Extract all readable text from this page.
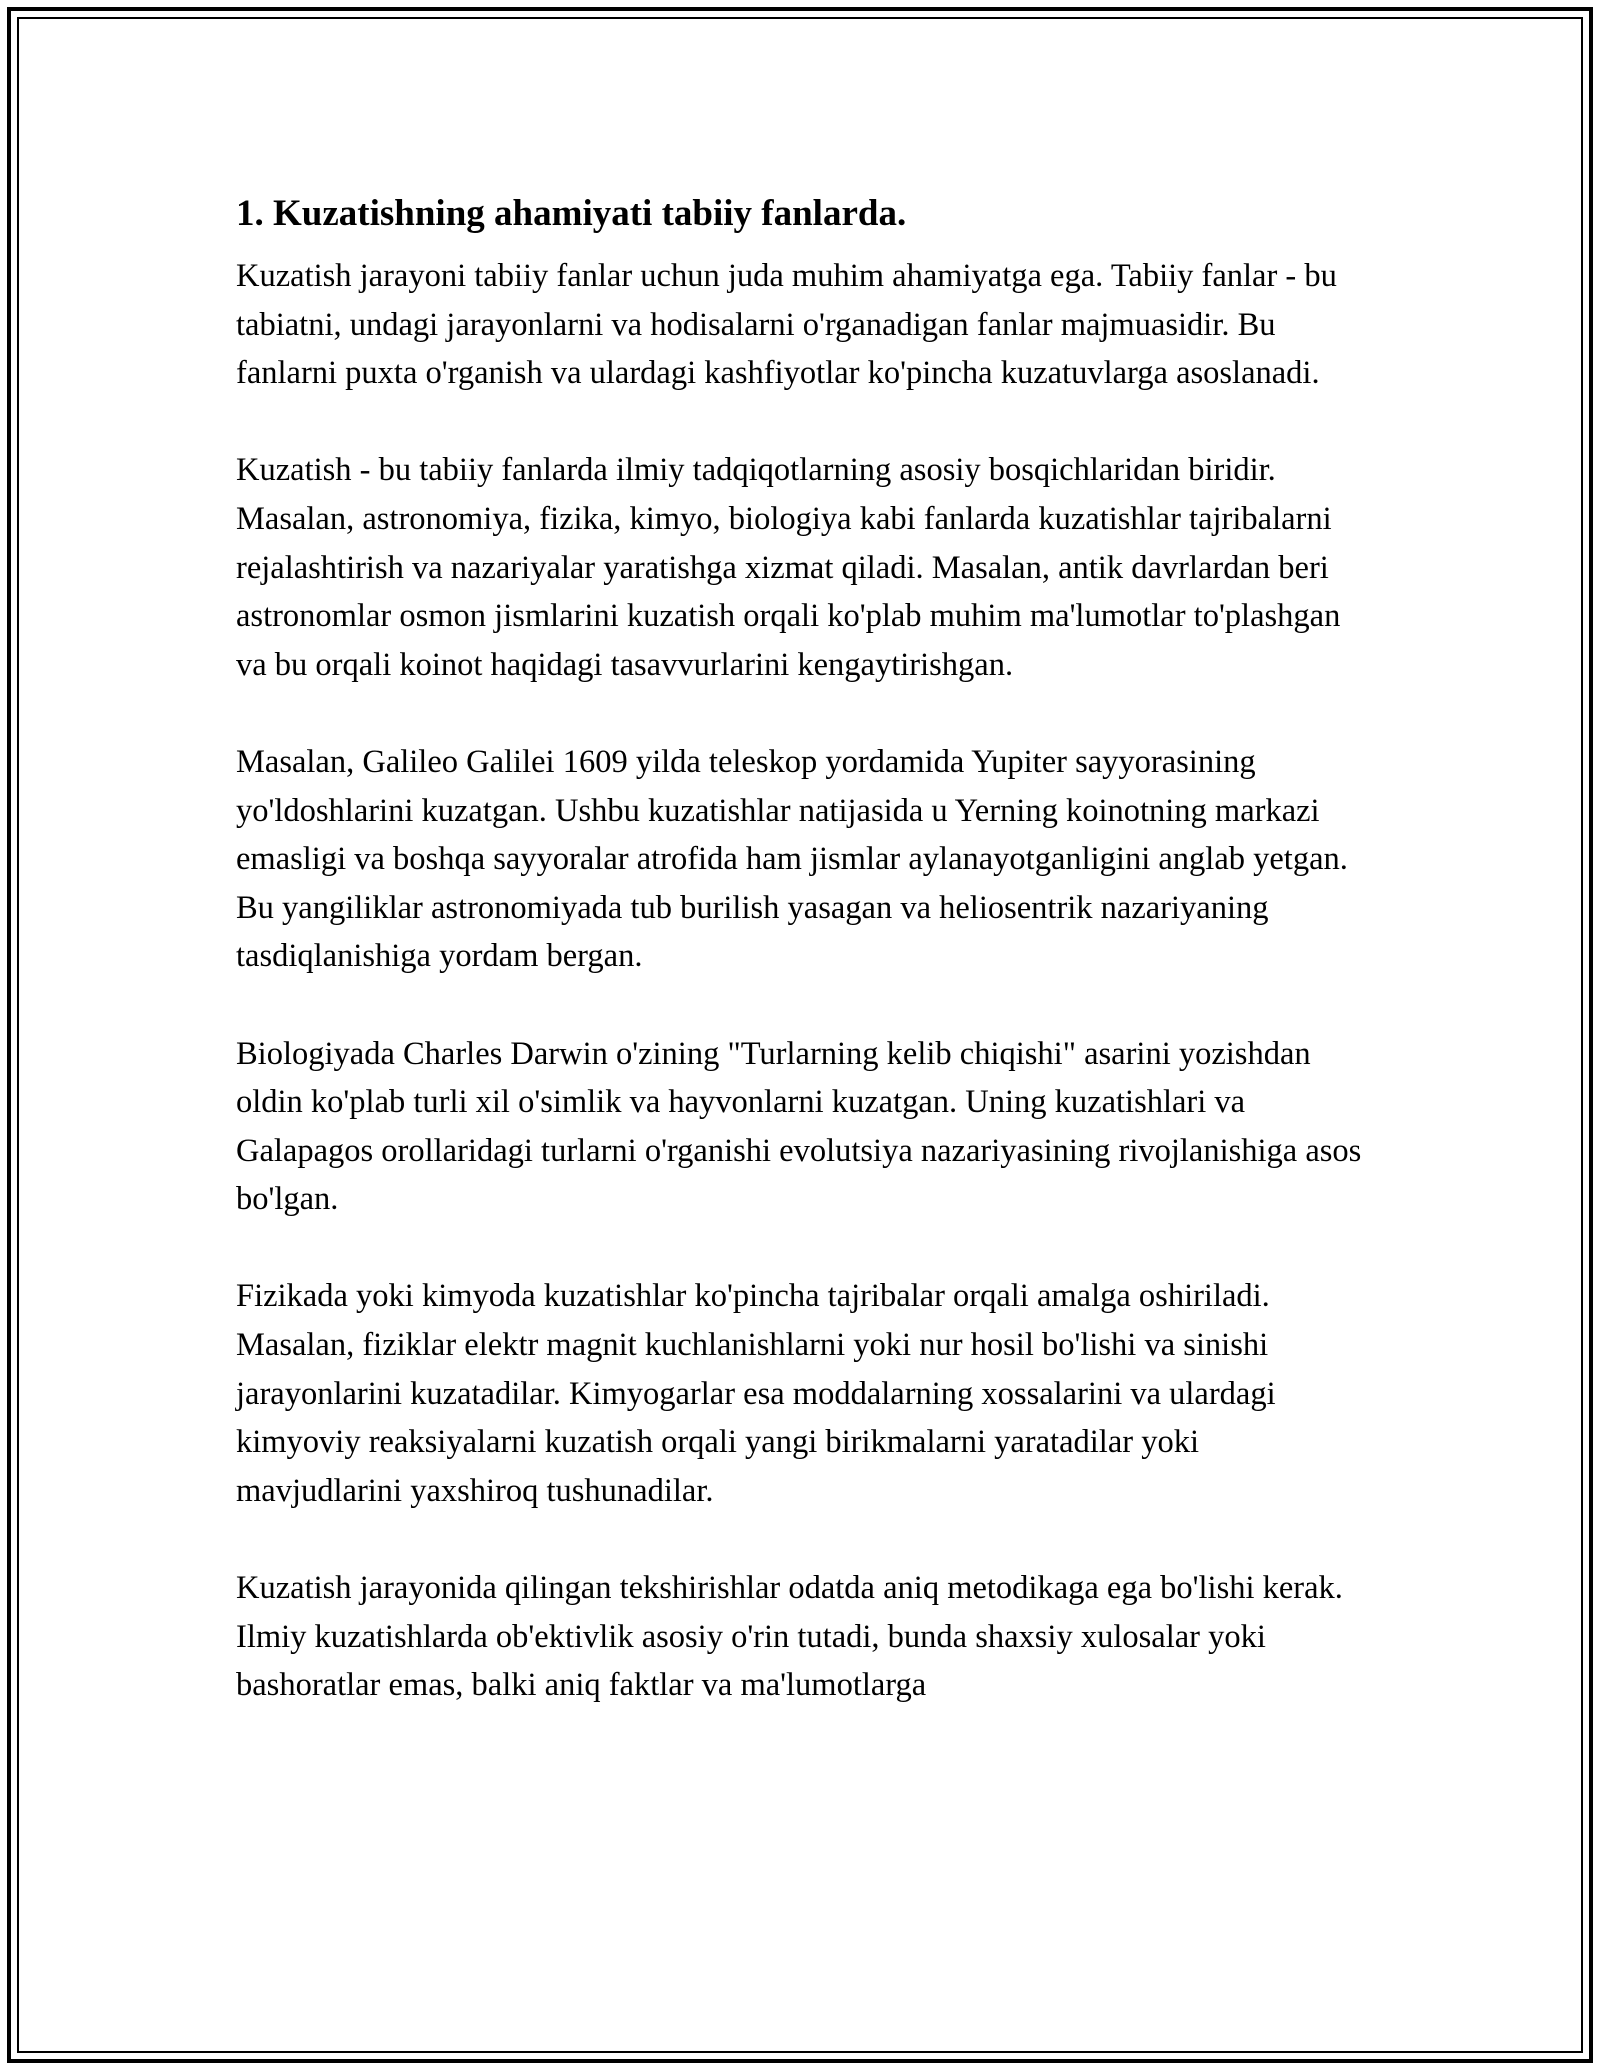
1. Kuzatishning ahamiyati tabiiy fanlarda.

Kuzatish jarayoni tabiiy fanlar uchun juda muhim ahamiyatga ega. Tabiiy fanlar - bu tabiatni, undagi jarayonlarni va hodisalarni o'rganadigan fanlar majmuasidir. Bu fanlarni puxta o'rganish va ulardagi kashfiyotlar ko'pincha kuzatuvlarga asoslanadi.

Kuzatish - bu tabiiy fanlarda ilmiy tadqiqotlarning asosiy bosqichlaridan biridir. Masalan, astronomiya, fizika, kimyo, biologiya kabi fanlarda kuzatishlar tajribalarni rejalashtirish va nazariyalar yaratishga xizmat qiladi. Masalan, antik davrlardan beri astronomlar osmon jismlarini kuzatish orqali ko'plab muhim ma'lumotlar to'plashgan va bu orqali koinot haqidagi tasavvurlarini kengaytirishgan.

Masalan, Galileo Galilei 1609 yilda teleskop yordamida Yupiter sayyorasining yo'ldoshlarini kuzatgan. Ushbu kuzatishlar natijasida u Yerning koinotning markazi emasligi va boshqa sayyoralar atrofida ham jismlar aylanayotganligini anglab yetgan. Bu yangiliklar astronomiyada tub burilish yasagan va heliosentrik nazariyaning tasdiqlanishiga yordam bergan.

Biologiyada Charles Darwin o'zining "Turlarning kelib chiqishi" asarini yozishdan oldin ko'plab turli xil o'simlik va hayvonlarni kuzatgan. Uning kuzatishlari va Galapagos orollaridagi turlarni o'rganishi evolutsiya nazariyasining rivojlanishiga asos bo'lgan.

Fizikada yoki kimyoda kuzatishlar ko'pincha tajribalar orqali amalga oshiriladi. Masalan, fiziklar elektr magnit kuchlanishlarni yoki nur hosil bo'lishi va sinishi jarayonlarini kuzatadilar. Kimyogarlar esa moddalarning xossalarini va ulardagi kimyoviy reaksiyalarni kuzatish orqali yangi birikmalarni yaratadilar yoki mavjudlarini yaxshiroq tushunadilar.

Kuzatish jarayonida qilingan tekshirishlar odatda aniq metodikaga ega bo'lishi kerak. Ilmiy kuzatishlarda ob'ektivlik asosiy o'rin tutadi, bunda shaxsiy xulosalar yoki bashoratlar emas, balki aniq faktlar va ma'lumotlarga
